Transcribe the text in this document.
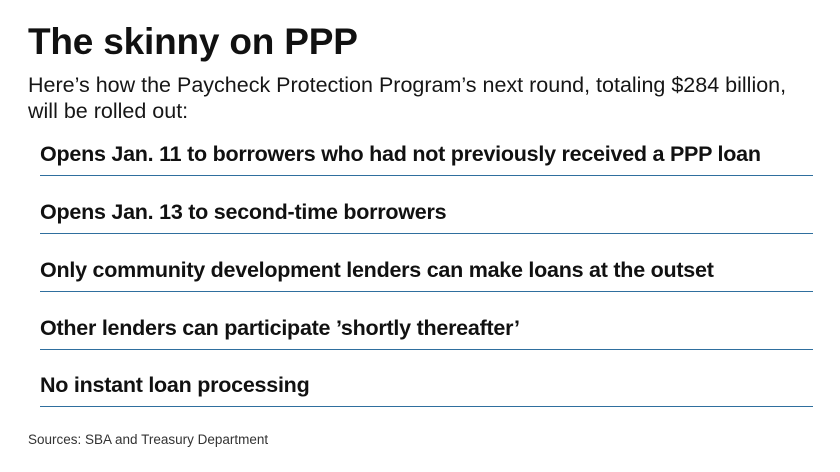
The skinny on PPP

Here’s how the Paycheck Protection Program’s next round, totaling $284 billion, will be rolled out:

Opens Jan. 11 to borrowers who had not previously received a PPP loan
Opens Jan. 13 to second-time borrowers
Only community development lenders can make loans at the outset
Other lenders can participate ’shortly thereafter’
No instant loan processing
Sources: SBA and Treasury Department
